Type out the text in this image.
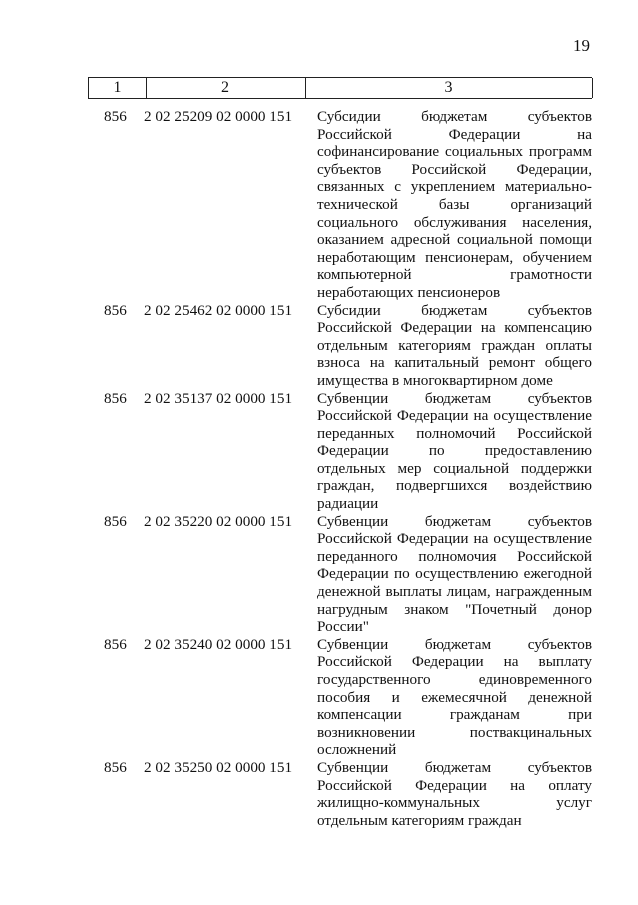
19
1	2	3
856	2 02 25209 02 0000 151	Субсидии бюджетам субъектов
Российской Федерации на
софинансирование социальных программ
субъектов Российской Федерации,
связанных с укреплением материально-
технической базы организаций
социального обслуживания населения,
оказанием адресной социальной помощи
неработающим пенсионерам, обучением
компьютерной грамотности
неработающих пенсионеров
856	2 02 25462 02 0000 151	Субсидии бюджетам субъектов
Российской Федерации на компенсацию
отдельным категориям граждан оплаты
взноса на капитальный ремонт общего
имущества в многоквартирном доме
856	2 02 35137 02 0000 151	Субвенции бюджетам субъектов
Российской Федерации на осуществление
переданных полномочий Российской
Федерации по предоставлению
отдельных мер социальной поддержки
граждан, подвергшихся воздействию
радиации
856	2 02 35220 02 0000 151	Субвенции бюджетам субъектов
Российской Федерации на осуществление
переданного полномочия Российской
Федерации по осуществлению ежегодной
денежной выплаты лицам, награжденным
нагрудным знаком "Почетный донор
России"
856	2 02 35240 02 0000 151	Субвенции бюджетам субъектов
Российской Федерации на выплату
государственного единовременного
пособия и ежемесячной денежной
компенсации гражданам при
возникновении поствакцинальных
осложнений
856	2 02 35250 02 0000 151	Субвенции бюджетам субъектов
Российской Федерации на оплату
жилищно-коммунальных услуг
отдельным категориям граждан
